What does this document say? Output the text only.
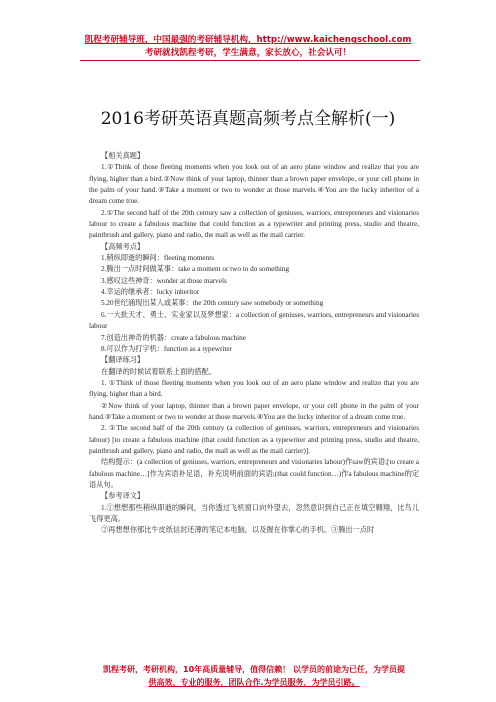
凯程考研辅导班，中国最强的考研辅导机构，http://www.kaichengschool.com
考研就找凯程考研，学生满意，家长放心，社会认可！
2016考研英语真题高频考点全解析(一)

【相关真题】

1.①Think of those fleeting moments when you look out of an aero plane window and realize that you are flying, higher than a bird.②Now think of your laptop, thinner than a brown paper envelope, or your cell phone in the palm of your hand.③Take a moment or two to wonder at those marvels.④You are the lucky inheritor of a dream come true.

2.①The second half of the 20th century saw a collection of geniuses, warriors, entrepreneurs and visionaries labour to create a fabulous machine that could function as a typewriter and printing press, studio and theatre, paintbrush and gallery, piano and radio, the mail as well as the mail carrier.

【高频考点】

1.稍纵即逝的瞬间：fleeting moments

2.腾出一点时间做某事：take a moment or two to do something

3.感叹这些神奇：wonder at those marvels

4.幸运的继承者：lucky inheritor

5.20世纪涌现出某人或某事：the 20th century saw somebody or something

6.一大批天才、勇士、实业家以及梦想家：a collection of geniuses, warriors, entrepreneurs and visionaries labour

7.创造出神奇的机器：create a fabulous machine

8.可以作为打字机：function as a typewriter

【翻译练习】

在翻译的时候试着联系上面的搭配。

1. ①Think of those fleeting moments when you look out of an aero plane window and realize that you are flying, higher than a bird.

②Now think of your laptop, thinner than a brown paper envelope, or your cell phone in the palm of your hand.③Take a moment or two to wonder at those marvels.④You are the lucky inheritor of a dream come true.

2. ①The second half of the 20th century (a collection of geniuses, warriors, entrepreneurs and visionaries labour) [to create a fabulous machine (that could function as a typewriter and printing press, studio and theatre, paintbrush and gallery, piano and radio, the mail as well as the mail carrier)].

结构提示：(a collection of geniuses, warriors, entrepreneurs and visionaries labour)作saw的宾语;[to create a fabulous machine…]作为宾语补足语，补充说明前面的宾语;(that could function…)作a fabulous machine的定语从句。

【参考译文】

1.①想想那些稍纵即逝的瞬间，当你透过飞机窗口向外望去，忽然意识到自己正在填空翱翔，比鸟儿飞得更高。

②再想想你那比牛皮纸信封还薄的笔记本电脑，以及握在你掌心的手机。③腾出一点时

凯程考研，考研机构，10年高质量辅导，值得信赖！ 以学员的前途为已任，为学员提
供高效、专业的服务，团队合作.为学员服务，为学员引路。
